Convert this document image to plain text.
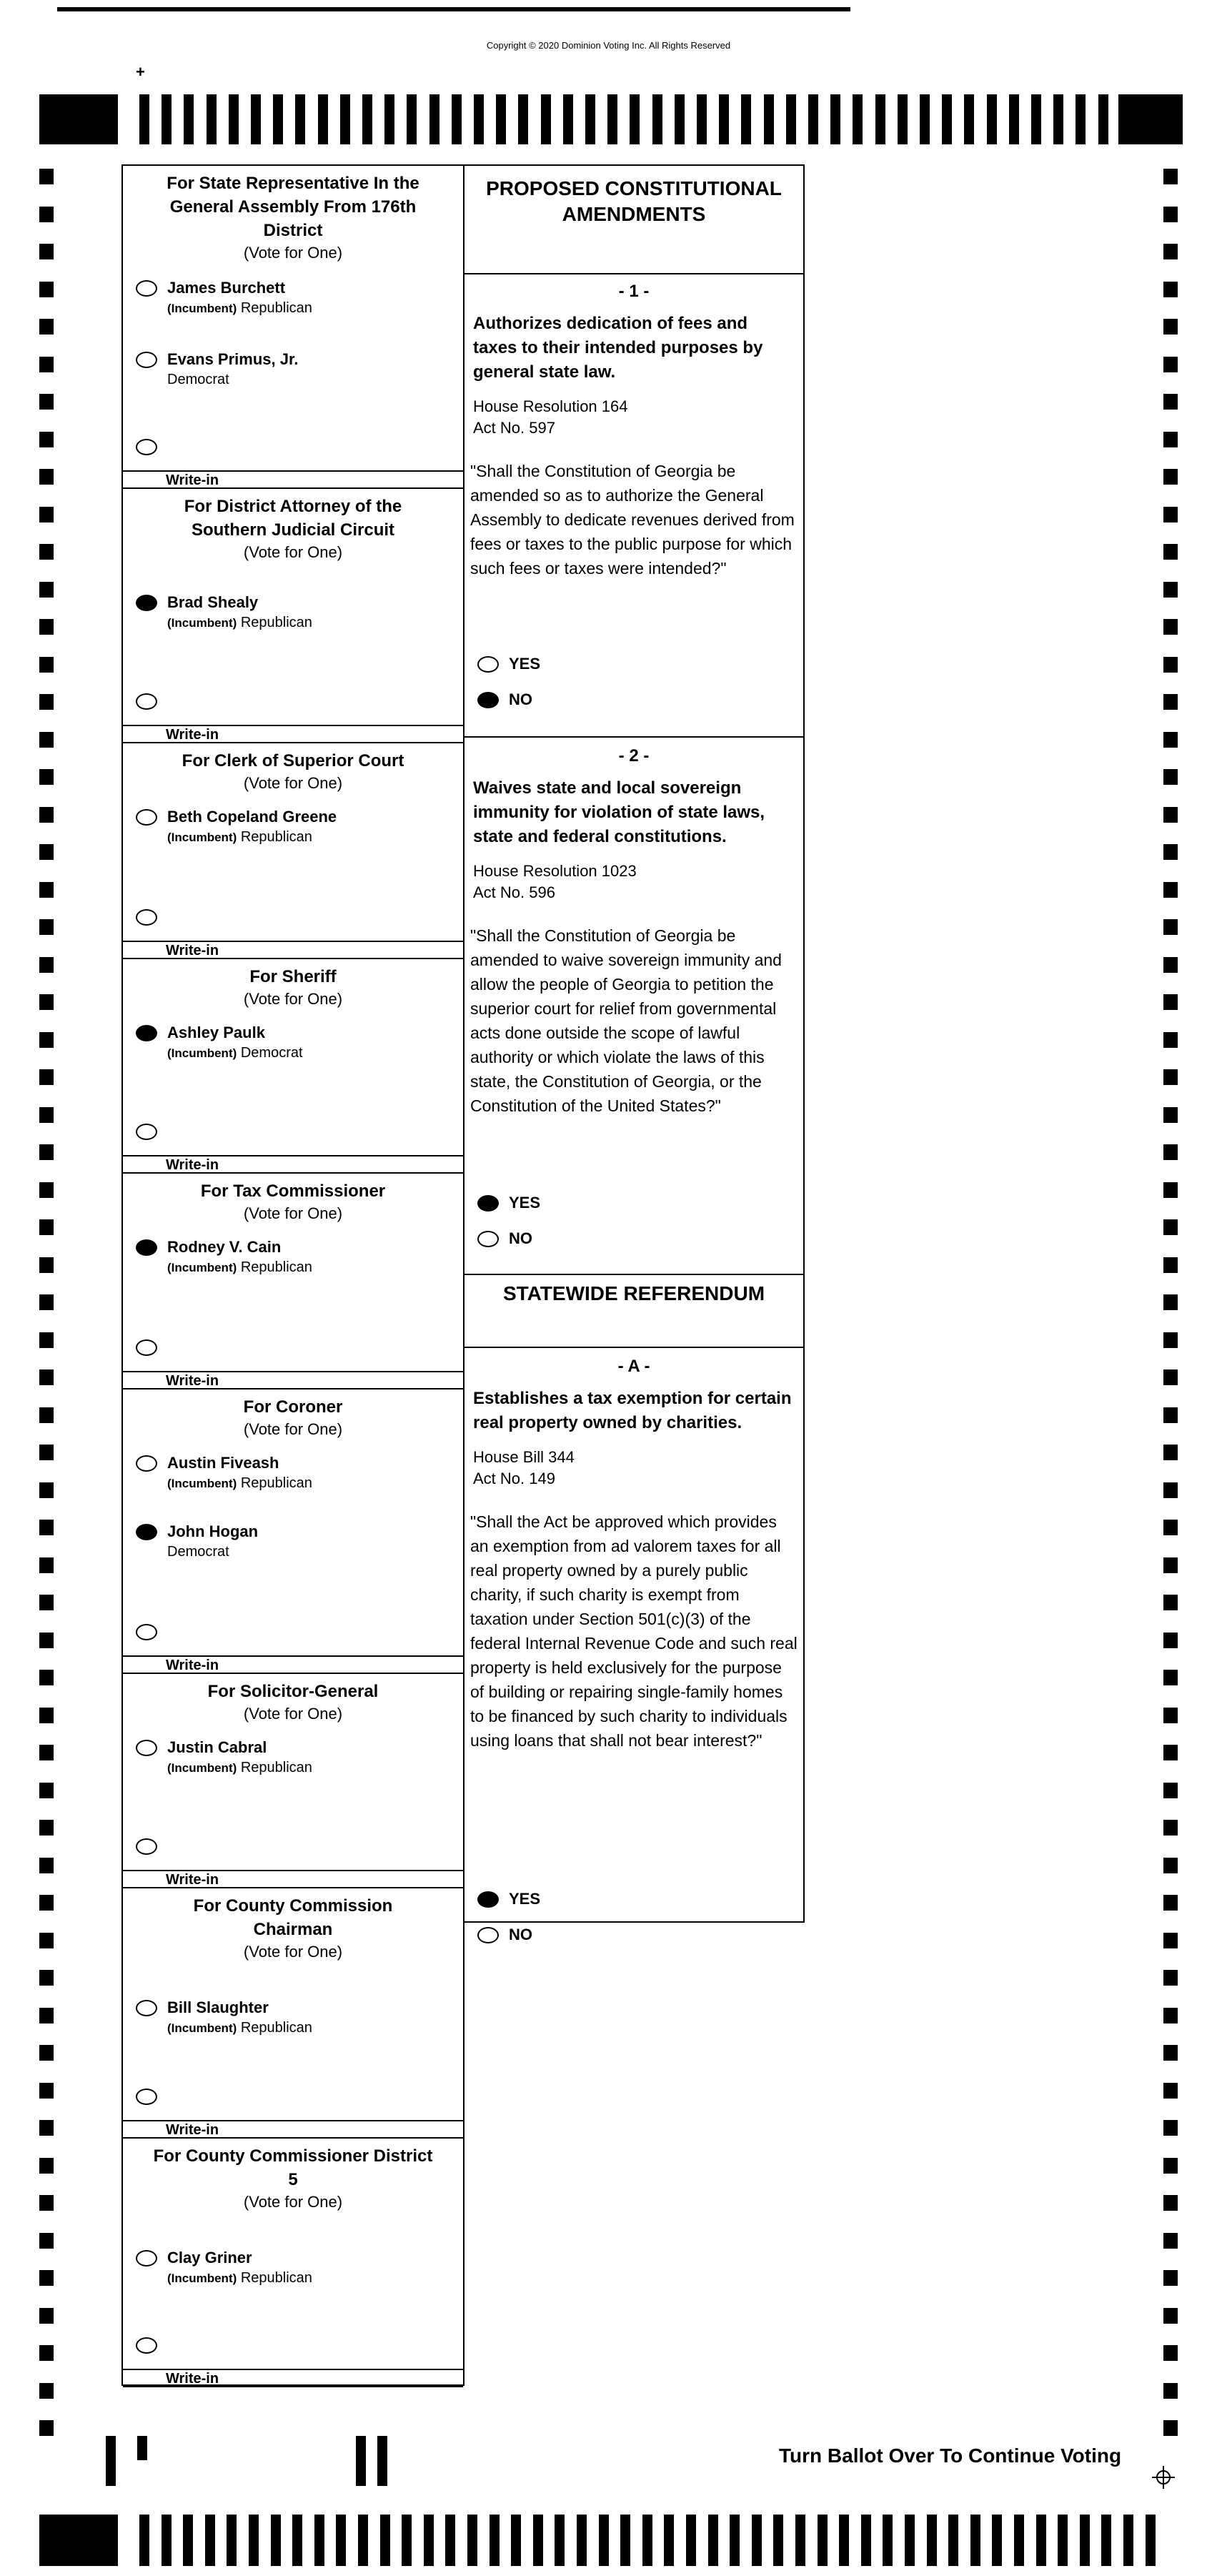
Copyright © 2020 Dominion Voting Inc. All Rights Reserved
+
For State Representative In the General Assembly From 176th District
(Vote for One)
James Burchett
(Incumbent) Republican
Evans Primus, Jr.
Democrat
Write-in
For District Attorney of the Southern Judicial Circuit
(Vote for One)
Brad Shealy
(Incumbent) Republican
Write-in
For Clerk of Superior Court
(Vote for One)
Beth Copeland Greene
(Incumbent) Republican
Write-in
For Sheriff
(Vote for One)
Ashley Paulk
(Incumbent) Democrat
Write-in
For Tax Commissioner
(Vote for One)
Rodney V. Cain
(Incumbent) Republican
Write-in
For Coroner
(Vote for One)
Austin Fiveash
(Incumbent) Republican
John Hogan
Democrat
Write-in
For Solicitor-General
(Vote for One)
Justin Cabral
(Incumbent) Republican
Write-in
For County Commission Chairman
(Vote for One)
Bill Slaughter
(Incumbent) Republican
Write-in
For County Commissioner District 5
(Vote for One)
Clay Griner
(Incumbent) Republican
Write-in
PROPOSED CONSTITUTIONAL AMENDMENTS
- 1 -
Authorizes dedication of fees and taxes to their intended purposes by general state law.
House Resolution 164
Act No. 597
"Shall the Constitution of Georgia be amended so as to authorize the General Assembly to dedicate revenues derived from fees or taxes to the public purpose for which such fees or taxes were intended?"
YES
NO
- 2 -
Waives state and local sovereign immunity for violation of state laws, state and federal constitutions.
House Resolution 1023
Act No. 596
"Shall the Constitution of Georgia be amended to waive sovereign immunity and allow the people of Georgia to petition the superior court for relief from governmental acts done outside the scope of lawful authority or which violate the laws of this state, the Constitution of Georgia, or the Constitution of the United States?"
YES
NO
STATEWIDE REFERENDUM
- A -
Establishes a tax exemption for certain real property owned by charities.
House Bill 344
Act No. 149
"Shall the Act be approved which provides an exemption from ad valorem taxes for all real property owned by a purely public charity, if such charity is exempt from taxation under Section 501(c)(3) of the federal Internal Revenue Code and such real property is held exclusively for the purpose of building or repairing single-family homes to be financed by such charity to individuals using loans that shall not bear interest?"
YES
NO
Turn Ballot Over To Continue Voting
